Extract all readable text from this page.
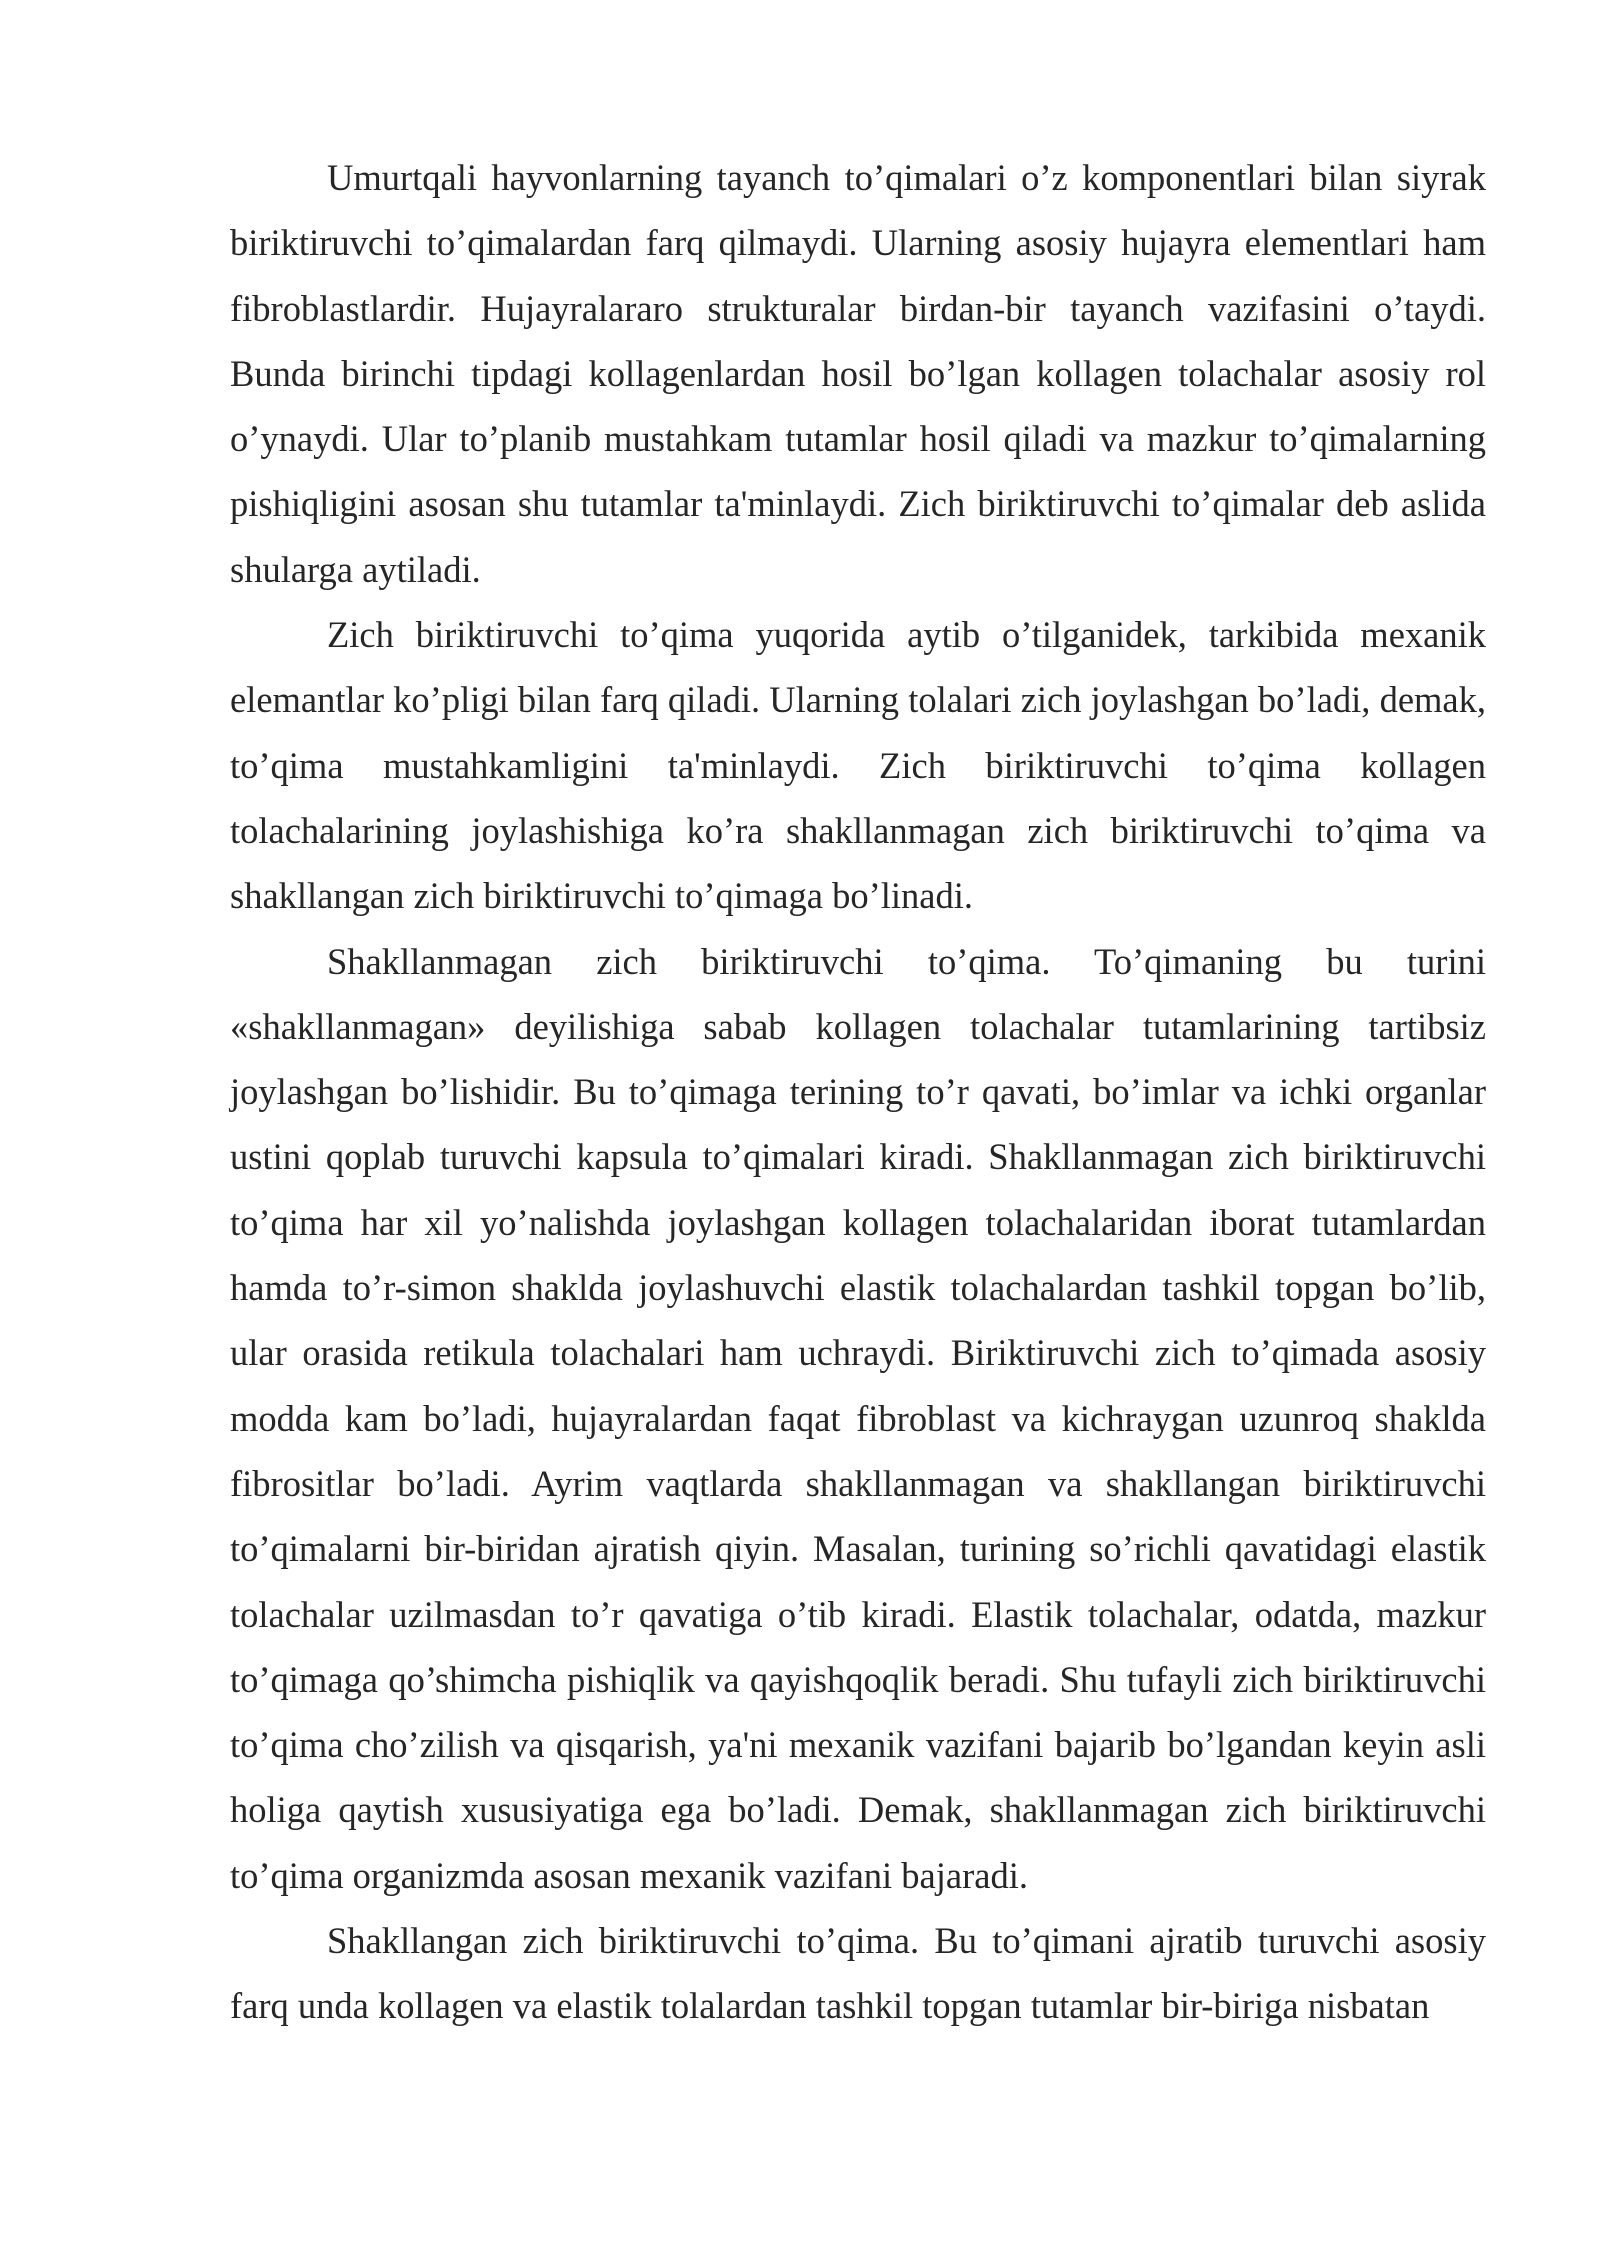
Umurtqali hayvonlarning tayanch to’qimalari o’z komponentlari bilan siyrak biriktiruvchi to’qimalardan farq qilmaydi. Ularning asosiy hujayra elementlari ham fibroblastlardir. Hujayralararo strukturalar birdan-bir tayanch vazifasini o’taydi. Bunda birinchi tipdagi kollagenlardan hosil bo’lgan kollagen tolachalar asosiy rol o’ynaydi. Ular to’planib mustahkam tutamlar hosil qiladi va mazkur to’qimalarning pishiqligini asosan shu tutamlar ta'minlaydi. Zich biriktiruvchi to’qimalar deb aslida shularga aytiladi.

Zich biriktiruvchi to’qima yuqorida aytib o’tilganidek, tarkibida mexanik elemantlar ko’pligi bilan farq qiladi. Ularning tolalari zich joylashgan bo’ladi, demak, to’qima mustahkamligini ta'minlaydi. Zich biriktiruvchi to’qima kollagen tolachalarining joylashishiga ko’ra shakllanmagan zich biriktiruvchi to’qima va shakllangan zich biriktiruvchi to’qimaga bo’linadi.

Shakllanmagan zich biriktiruvchi to’qima. To’qimaning bu turini «shakllanmagan» deyilishiga sabab kollagen tolachalar tutamlarining tartibsiz joylashgan bo’lishidir. Bu to’qimaga terining to’r qavati, bo’imlar va ichki organlar ustini qoplab turuvchi kapsula to’qimalari kiradi. Shakllanmagan zich biriktiruvchi to’qima har xil yo’nalishda joylashgan kollagen tolachalaridan iborat tutamlardan hamda to’r-simon shaklda joylashuvchi elastik tolachalardan tashkil topgan bo’lib, ular orasida retikula tolachalari ham uchraydi. Biriktiruvchi zich to’qimada asosiy modda kam bo’ladi, hujayralardan faqat fibroblast va kichraygan uzunroq shaklda fibrositlar bo’ladi. Ayrim vaqtlarda shakllanmagan va shakllangan biriktiruvchi to’qimalarni bir-biridan ajratish qiyin. Masalan, turining so’richli qavatidagi elastik tolachalar uzilmasdan to’r qavatiga o’tib kiradi. Elastik tolachalar, odatda, mazkur to’qimaga qo’shimcha pishiqlik va qayishqoqlik beradi. Shu tufayli zich biriktiruvchi to’qima cho’zilish va qisqarish, ya'ni mexanik vazifani bajarib bo’lgandan keyin asli holiga qaytish xususiyatiga ega bo’ladi. Demak, shakllanmagan zich biriktiruvchi to’qima organizmda asosan mexanik vazifani bajaradi.

Shakllangan zich biriktiruvchi to’qima. Bu to’qimani ajratib turuvchi asosiy farq unda kollagen va elastik tolalardan tashkil topgan tutamlar bir-biriga nisbatan
